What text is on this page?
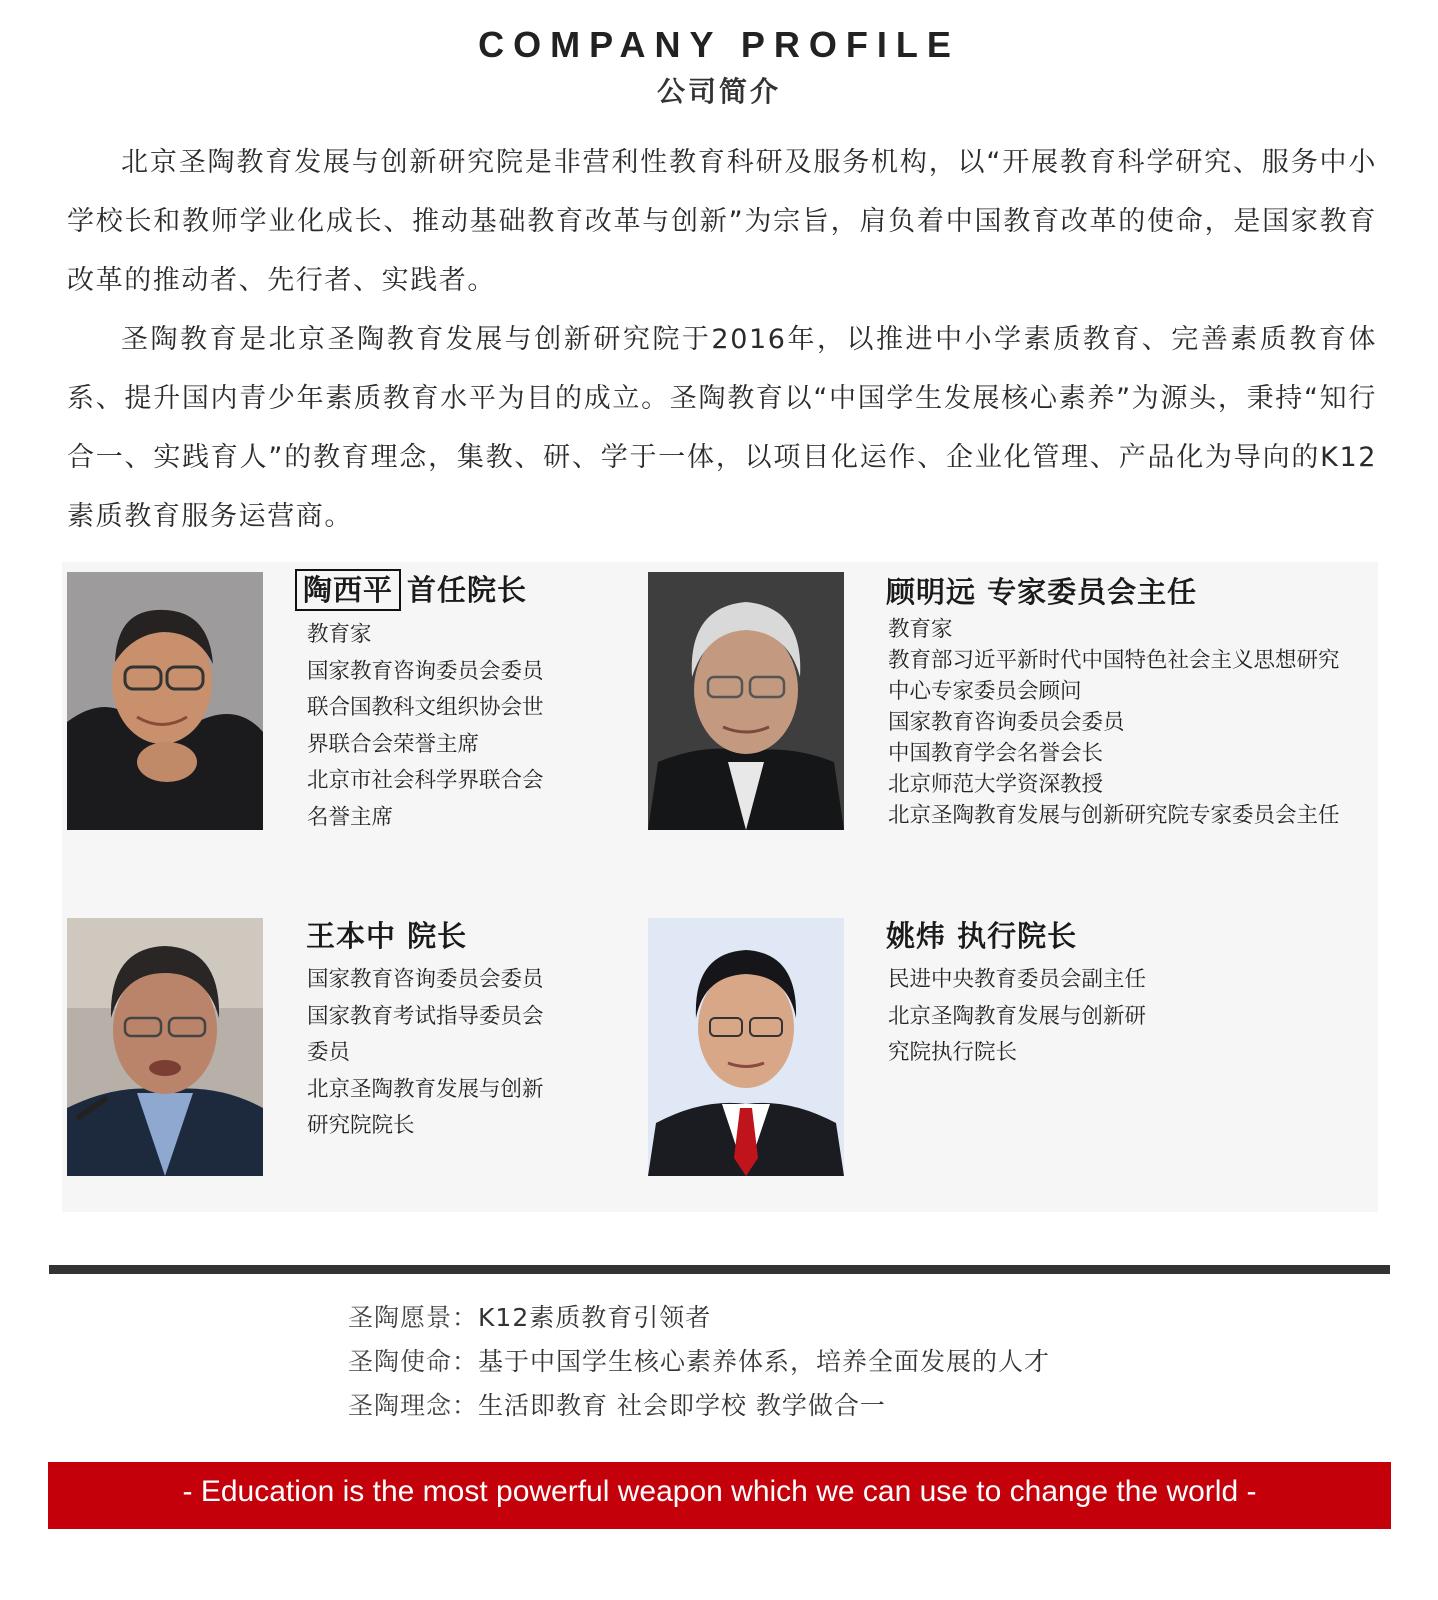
COMPANY PROFILE
公司简介

北京圣陶教育发展与创新研究院是非营利性教育科研及服务机构，以“开展教育科学研究、服务中小学校长和教师学业化成长、推动基础教育改革与创新”为宗旨，肩负着中国教育改革的使命，是国家教育改革的推动者、先行者、实践者。

圣陶教育是北京圣陶教育发展与创新研究院于2016年，以推进中小学素质教育、完善素质教育体系、提升国内青少年素质教育水平为目的成立。圣陶教育以“中国学生发展核心素养”为源头，秉持“知行合一、实践育人”的教育理念，集教、研、学于一体，以项目化运作、企业化管理、产品化为导向的K12素质教育服务运营商。

陶西平 首任院长
教育家
国家教育咨询委员会委员
联合国教科文组织协会世
界联合会荣誉主席
北京市社会科学界联合会
名誉主席
顾明远 专家委员会主任
教育家
教育部习近平新时代中国特色社会主义思想研究
中心专家委员会顾问
国家教育咨询委员会委员
中国教育学会名誉会长
北京师范大学资深教授
北京圣陶教育发展与创新研究院专家委员会主任
王本中 院长
国家教育咨询委员会委员
国家教育考试指导委员会
委员
北京圣陶教育发展与创新
研究院院长
姚炜 执行院长
民进中央教育委员会副主任
北京圣陶教育发展与创新研
究院执行院长
圣陶愿景：K12素质教育引领者
圣陶使命：基于中国学生核心素养体系，培养全面发展的人才
圣陶理念：生活即教育 社会即学校 教学做合一
- Education is the most powerful weapon which we can use to change the world -
